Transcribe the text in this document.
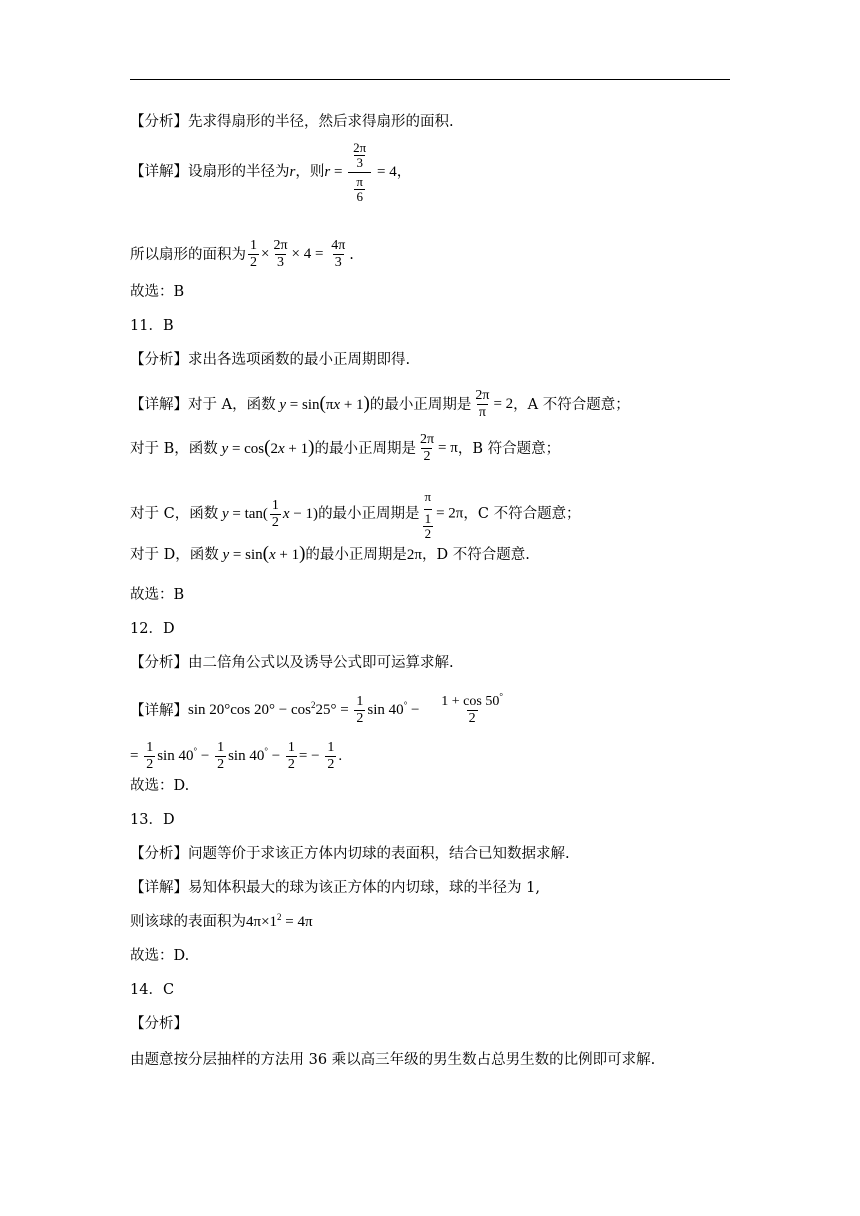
【分析】先求得扇形的半径，然后求得扇形的面积.
【详解】设扇形的半径为 r ，则 $r = \frac{\frac{2\pi}{3}}{\frac{\pi}{6}} = 4$ ，
所以扇形的面积为 $\frac{1}{2} \times \frac{2\pi}{3} \times 4 = \frac{4\pi}{3}$ .
故选：B
11．B
【分析】求出各选项函数的最小正周期即得.
【详解】对于 A，函数 y = sin(πx + 1) 的最小正周期是 $\frac{2\pi}{\pi} = 2$ ，A 不符合题意；
对于 B，函数 y = cos(2x + 1) 的最小正周期是 $\frac{2\pi}{2} = \pi$ ，B 符合题意；
对于 C，函数 $y = \tan( \frac{1}{2}$ x − 1) 的最小正周期是 $\frac{\pi}{\frac{1}{2}} = 2\pi$ ，C 不符合题意；
对于 D，函数 y = sin(x + 1) 的最小正周期是 2π ，D 不符合题意.
故选：B
12．D
【分析】由二倍角公式以及诱导公式即可运算求解.
【详解】 sin 20°cos $20^\circ - \cos^225^\circ = \frac{1}{2}$ $\sin 40^\circ - \frac{1 + \cos 50^\circ}{2}$
= $\frac{1}{2}$ $\sin 40^\circ - \frac{1}{2}$ $\sin 40^\circ - \frac{1}{2}$ = − $\frac{1}{2}$ .
故选：D.
13．D
【分析】问题等价于求该正方体内切球的表面积，结合已知数据求解.
【详解】易知体积最大的球为该正方体的内切球，球的半径为 1,
则该球的表面积为 $4\pi\times 1^2 = 4\pi$
故选：D.
14．C
【分析】
由题意按分层抽样的方法用 36 乘以高三年级的男生数占总男生数的比例即可求解.
